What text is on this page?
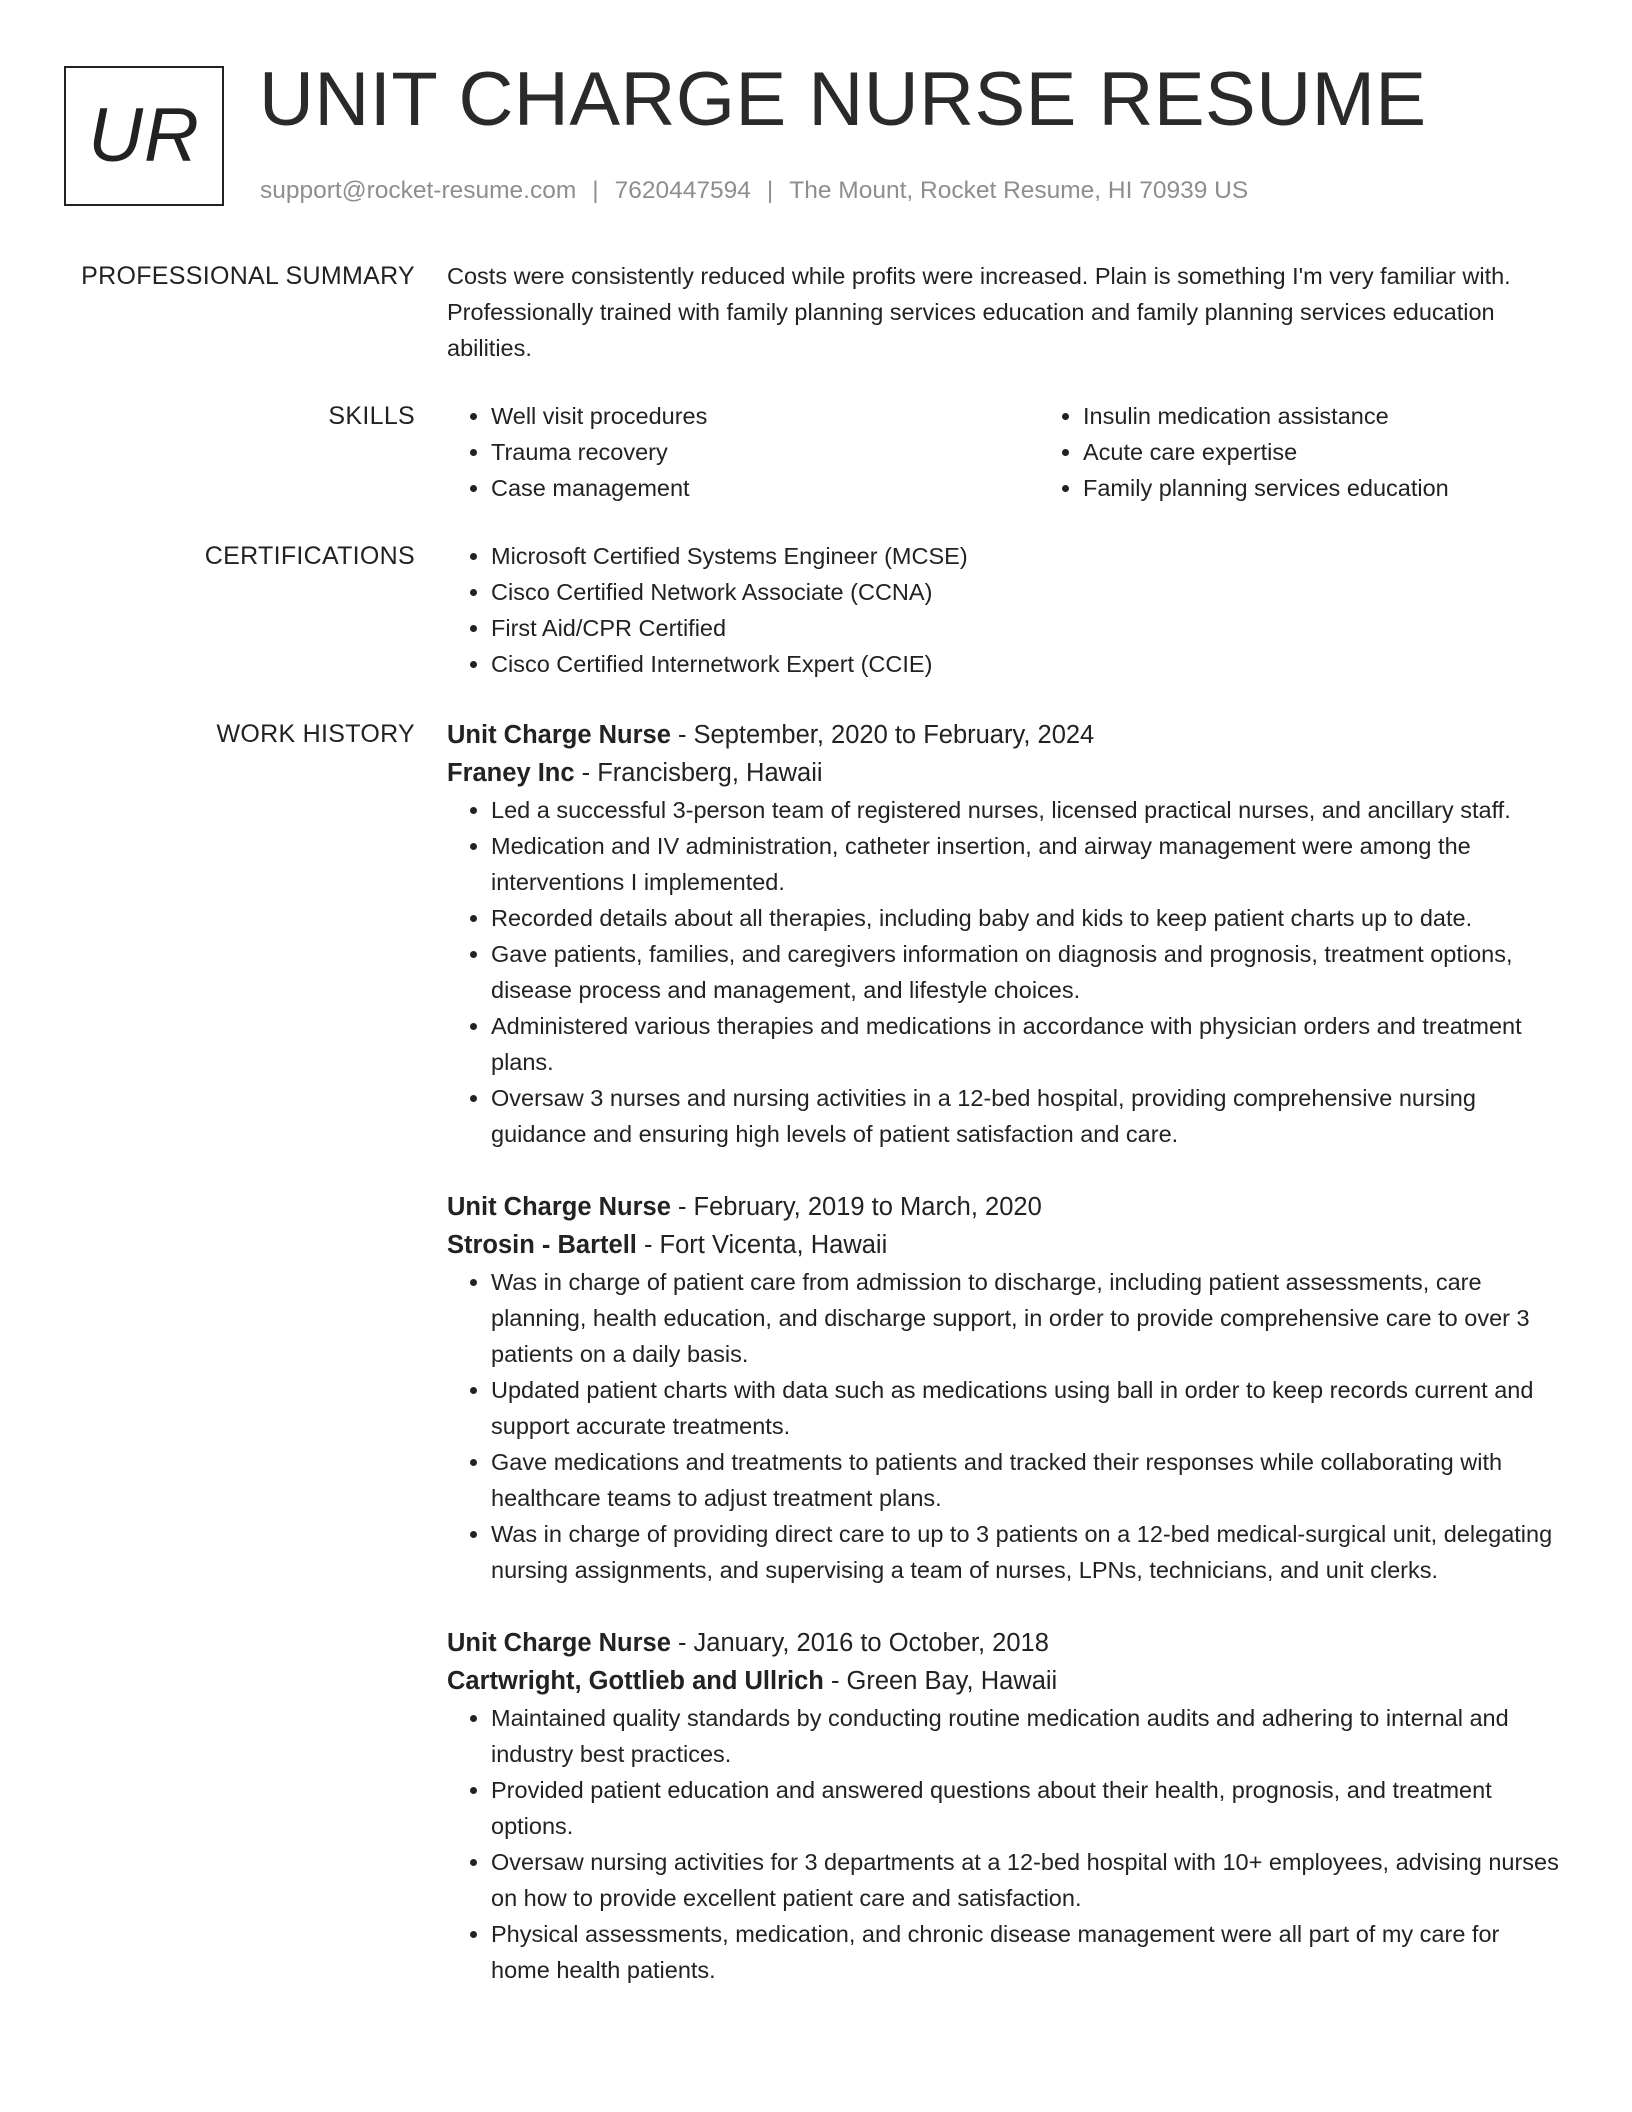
UR UNIT CHARGE NURSE RESUME
support@rocket-resume.com | 7620447594 | The Mount, Rocket Resume, HI 70939 US
PROFESSIONAL SUMMARY Costs were consistently reduced while profits were increased. Plain is something I'm very familiar with. Professionally trained with family planning services education and family planning services education abilities.

SKILLS	• Well visit procedures
• Trauma recovery
• Case management
• Insulin medication assistance
• Acute care expertise
• Family planning services education
CERTIFICATIONS	• Microsoft Certified Systems Engineer (MCSE)
• Cisco Certified Network Associate (CCNA)
• First Aid/CPR Certified
• Cisco Certified Internetwork Expert (CCIE)
WORK HISTORY Unit Charge Nurse - September, 2020 to February, 2024
Franey Inc - Francisberg, Hawaii
• Led a successful 3-person team of registered nurses, licensed practical nurses, and ancillary staff.
• Medication and IV administration, catheter insertion, and airway management were among the interventions I implemented.
• Recorded details about all therapies, including baby and kids to keep patient charts up to date.
• Gave patients, families, and caregivers information on diagnosis and prognosis, treatment options, disease process and management, and lifestyle choices.
• Administered various therapies and medications in accordance with physician orders and treatment plans.
• Oversaw 3 nurses and nursing activities in a 12-bed hospital, providing comprehensive nursing guidance and ensuring high levels of patient satisfaction and care.
Unit Charge Nurse - February, 2019 to March, 2020
Strosin - Bartell - Fort Vicenta, Hawaii
• Was in charge of patient care from admission to discharge, including patient assessments, care planning, health education, and discharge support, in order to provide comprehensive care to over 3 patients on a daily basis.
• Updated patient charts with data such as medications using ball in order to keep records current and support accurate treatments.
• Gave medications and treatments to patients and tracked their responses while collaborating with healthcare teams to adjust treatment plans.
• Was in charge of providing direct care to up to 3 patients on a 12-bed medical-surgical unit, delegating nursing assignments, and supervising a team of nurses, LPNs, technicians, and unit clerks.
Unit Charge Nurse - January, 2016 to October, 2018
Cartwright, Gottlieb and Ullrich - Green Bay, Hawaii
• Maintained quality standards by conducting routine medication audits and adhering to internal and industry best practices.
• Provided patient education and answered questions about their health, prognosis, and treatment options.
• Oversaw nursing activities for 3 departments at a 12-bed hospital with 10+ employees, advising nurses on how to provide excellent patient care and satisfaction.
• Physical assessments, medication, and chronic disease management were all part of my care for home health patients.
